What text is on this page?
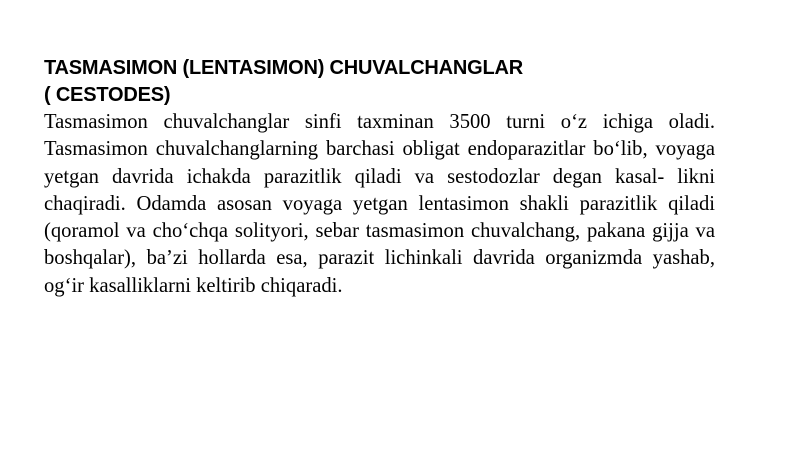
TASMASIMON (LENTASIMON) CHUVALCHANGLAR
( CESTODES)

Tasmasimon chuvalchanglar sinfi taxminan 3500 turni o‘z ichiga oladi. Tasmasimon chuvalchanglarning barchasi obligat endoparazitlar bo‘lib, voyaga yetgan davrida ichakda parazitlik qiladi va sestodozlar degan kasal- likni chaqiradi. Odamda asosan voyaga yetgan lentasimon shakli parazitlik qiladi (qoramol va cho‘chqa solityori, sebar tasmasimon chuvalchang, pakana gijja va boshqalar), ba’zi hollarda esa, parazit lichinkali davrida organizmda yashab, og‘ir kasalliklarni keltirib chiqaradi.
